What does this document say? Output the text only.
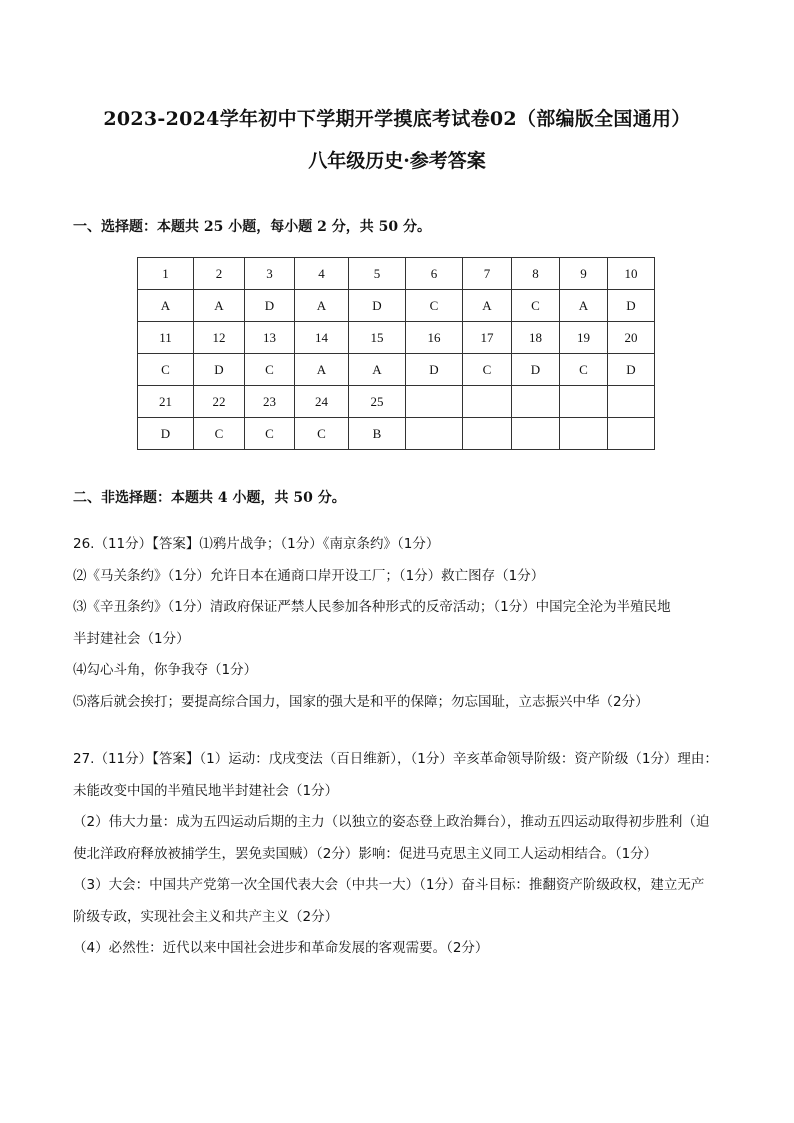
2023-2024学年初中下学期开学摸底考试卷02（部编版全国通用）
八年级历史·参考答案
一、选择题：本题共 25 小题，每小题 2 分，共 50 分。
1	2	3	4	5	6	7	8	9	10
A	A	D	A	D	C	A	C	A	D
11	12	13	14	15	16	17	18	19	20
C	D	C	A	A	D	C	D	C	D
21	22	23	24	25					
D	C	C	C	B					
二、非选择题：本题共 4 小题，共 50 分。

26.（11分）【答案】⑴鸦片战争；（1分）《南京条约》（1分）

⑵《马关条约》（1分）允许日本在通商口岸开设工厂；（1分）救亡图存（1分）

⑶《辛丑条约》（1分）清政府保证严禁人民参加各种形式的反帝活动；（1分）中国完全沦为半殖民地

半封建社会（1分）

⑷勾心斗角，你争我夺（1分）

⑸落后就会挨打；要提高综合国力，国家的强大是和平的保障；勿忘国耻，立志振兴中华（2分）

27.（11分）【答案】（1）运动：戊戌变法（百日维新），（1分）辛亥革命领导阶级：资产阶级（1分）理由：

未能改变中国的半殖民地半封建社会（1分）

（2）伟大力量：成为五四运动后期的主力（以独立的姿态登上政治舞台），推动五四运动取得初步胜利（迫

使北洋政府释放被捕学生，罢免卖国贼）（2分）影响：促进马克思主义同工人运动相结合。（1分）

（3）大会：中国共产党第一次全国代表大会（中共一大）（1分）奋斗目标：推翻资产阶级政权，建立无产

阶级专政，实现社会主义和共产主义（2分）

（4）必然性：近代以来中国社会进步和革命发展的客观需要。（2分）
